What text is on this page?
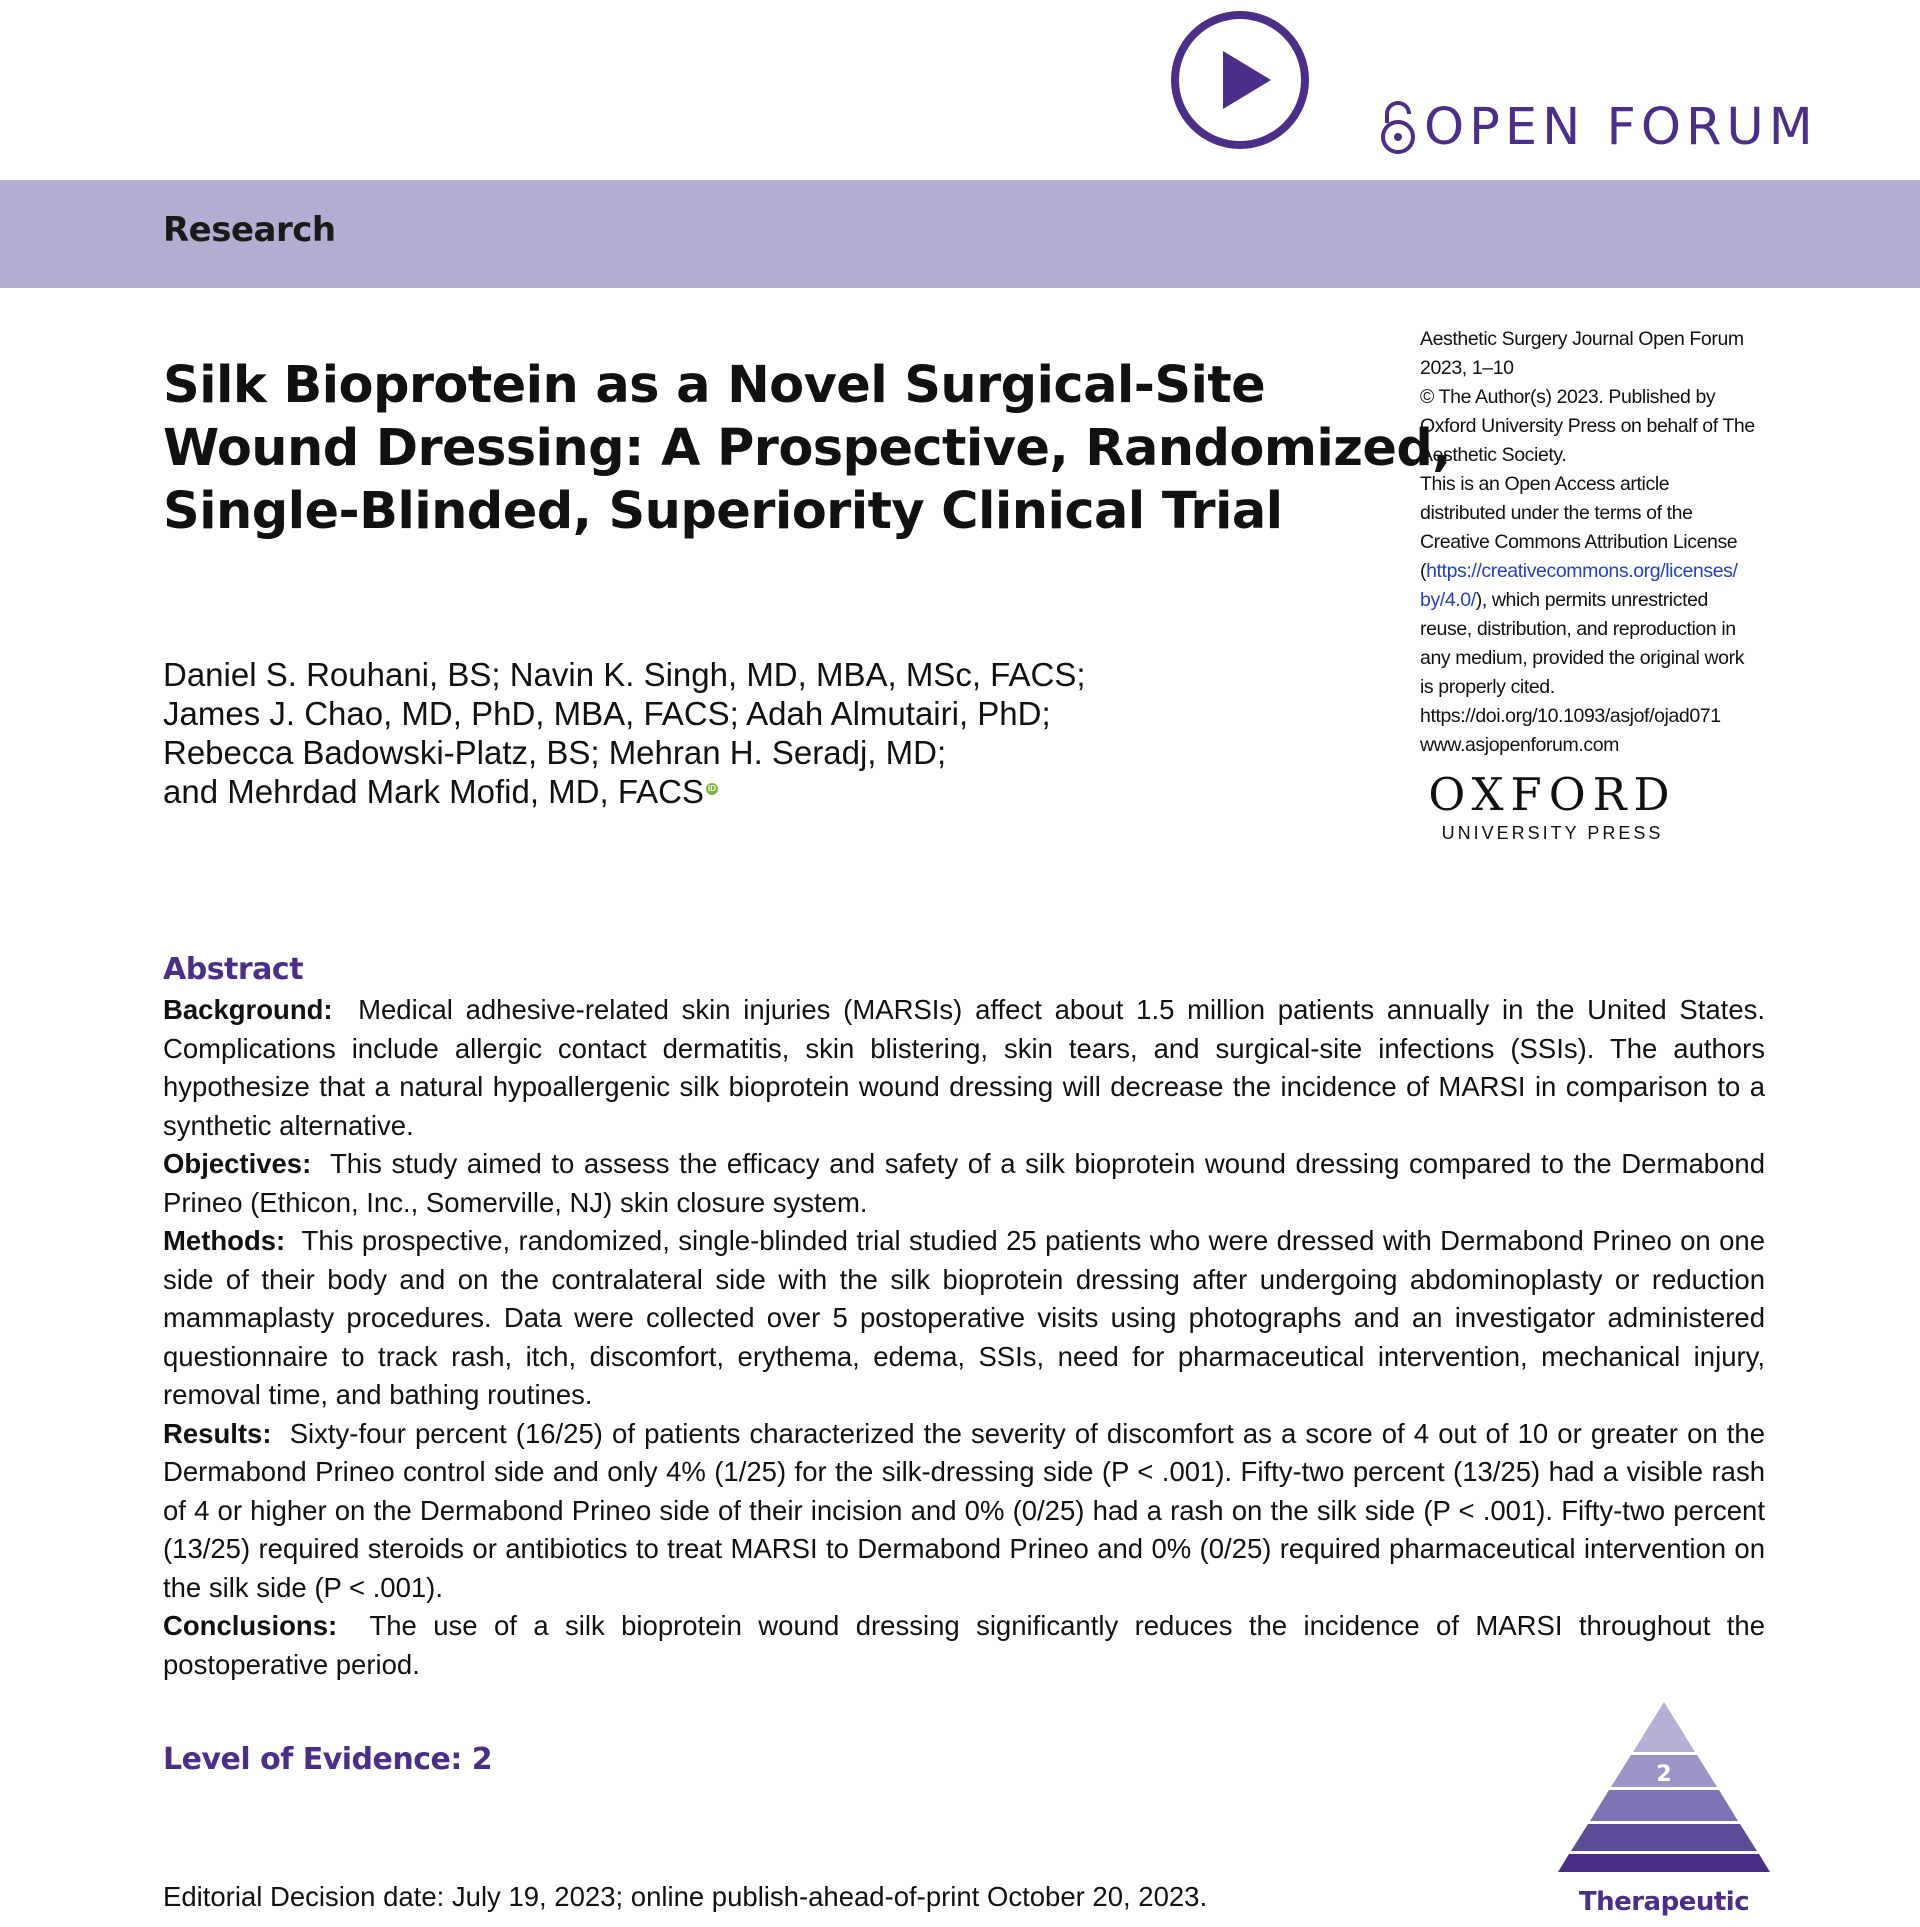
OPEN FORUM
Research
Silk Bioprotein as a Novel Surgical-Site
Wound Dressing: A Prospective, Randomized,
Single-Blinded, Superiority Clinical Trial
Daniel S. Rouhani, BS; Navin K. Singh, MD, MBA, MSc, FACS;
James J. Chao, MD, PhD, MBA, FACS; Adah Almutairi, PhD;
Rebecca Badowski-Platz, BS; Mehran H. Seradj, MD;
and Mehrdad Mark Mofid, MD, FACS iD
Aesthetic Surgery Journal Open Forum
2023, 1–10
© The Author(s) 2023. Published by
Oxford University Press on behalf of The
Aesthetic Society.
This is an Open Access article
distributed under the terms of the
Creative Commons Attribution License
(https://creativecommons.org/licenses/
by/4.0/), which permits unrestricted
reuse, distribution, and reproduction in
any medium, provided the original work
is properly cited.
https://doi.org/10.1093/asjof/ojad071
www.asjopenforum.com
OXFORD
UNIVERSITY PRESS
Abstract
Background: Medical adhesive-related skin injuries (MARSIs) affect about 1.5 million patients annually in the United States. Complications include allergic contact dermatitis, skin blistering, skin tears, and surgical-site infections (SSIs). The authors hypothesize that a natural hypoallergenic silk bioprotein wound dressing will decrease the incidence of MARSI in comparison to a synthetic alternative.
Objectives: This study aimed to assess the efficacy and safety of a silk bioprotein wound dressing compared to the Dermabond Prineo (Ethicon, Inc., Somerville, NJ) skin closure system.
Methods: This prospective, randomized, single-blinded trial studied 25 patients who were dressed with Dermabond Prineo on one side of their body and on the contralateral side with the silk bioprotein dressing after undergoing abdominoplasty or reduction mammaplasty procedures. Data were collected over 5 postoperative visits using photographs and an investigator administered questionnaire to track rash, itch, discomfort, erythema, edema, SSIs, need for pharmaceutical intervention, mechanical injury, removal time, and bathing routines.
Results: Sixty-four percent (16/25) of patients characterized the severity of discomfort as a score of 4 out of 10 or greater on the Dermabond Prineo control side and only 4% (1/25) for the silk-dressing side (P < .001). Fifty-two percent (13/25) had a visible rash of 4 or higher on the Dermabond Prineo side of their incision and 0% (0/25) had a rash on the silk side (P < .001). Fifty-two percent (13/25) required steroids or antibiotics to treat MARSI to Dermabond Prineo and 0% (0/25) required pharmaceutical intervention on the silk side (P < .001).
Conclusions: The use of a silk bioprotein wound dressing significantly reduces the incidence of MARSI throughout the postoperative period.
Level of Evidence: 2
Editorial Decision date: July 19, 2023; online publish-ahead-of-print October 20, 2023.
2
Therapeutic
